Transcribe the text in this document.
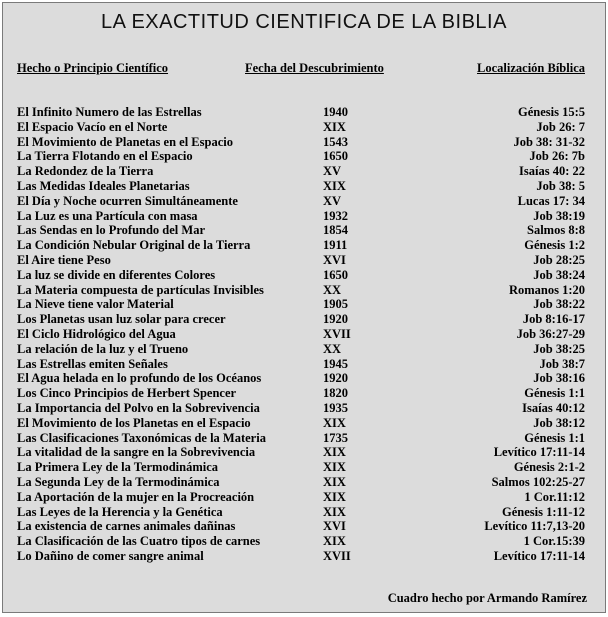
LA EXACTITUD CIENTIFICA DE LA BIBLIA
Hecho o Principio Científico	Fecha del Descubrimiento	Localización Bíblica
El Infinito Numero de las Estrellas	1940	Génesis 15:5
El Espacio Vacío en el Norte	XIX	Job 26: 7
El Movimiento de Planetas en el Espacio	1543	Job 38: 31-32
La Tierra Flotando en el Espacio	1650	Job 26: 7b
La Redondez de la Tierra	XV	Isaías 40: 22
Las Medidas Ideales Planetarias	XIX	Job 38: 5
El Día y Noche ocurren Simultáneamente	XV	Lucas 17: 34
La Luz es una Partícula con masa	1932	Job 38:19
Las Sendas en lo Profundo del Mar	1854	Salmos 8:8
La Condición Nebular Original de la Tierra	1911	Génesis 1:2
El Aire tiene Peso	XVI	Job 28:25
La luz se divide en diferentes Colores	1650	Job 38:24
La Materia compuesta de partículas Invisibles	XX	Romanos 1:20
La Nieve tiene valor Material	1905	Job 38:22
Los Planetas usan luz solar para crecer	1920	Job 8:16-17
El Ciclo Hidrológico del Agua	XVII	Job 36:27-29
La relación de la luz y el Trueno	XX	Job 38:25
Las Estrellas emiten Señales	1945	Job 38:7
El Agua helada en lo profundo de los Océanos	1920	Job 38:16
Los Cinco Principios de Herbert Spencer	1820	Génesis 1:1
La Importancia del Polvo en la Sobrevivencia	1935	Isaías 40:12
El Movimiento de los Planetas en el Espacio	XIX	Job 38:12
Las Clasificaciones Taxonómicas de la Materia	1735	Génesis 1:1
La vitalidad de la sangre en la Sobrevivencia	XIX	Levítico 17:11-14
La Primera Ley de la Termodinámica	XIX	Génesis 2:1-2
La Segunda Ley de la Termodinámica	XIX	Salmos 102:25-27
La Aportación de la mujer en la Procreación	XIX	1 Cor.11:12
Las Leyes de la Herencia y la Genética	XIX	Génesis 1:11-12
La existencia de carnes animales dañinas	XVI	Levítico 11:7,13-20
La Clasificación de las Cuatro tipos de carnes	XIX	1 Cor.15:39
Lo Dañino de comer sangre animal	XVII	Levítico 17:11-14
Cuadro hecho por Armando Ramírez
